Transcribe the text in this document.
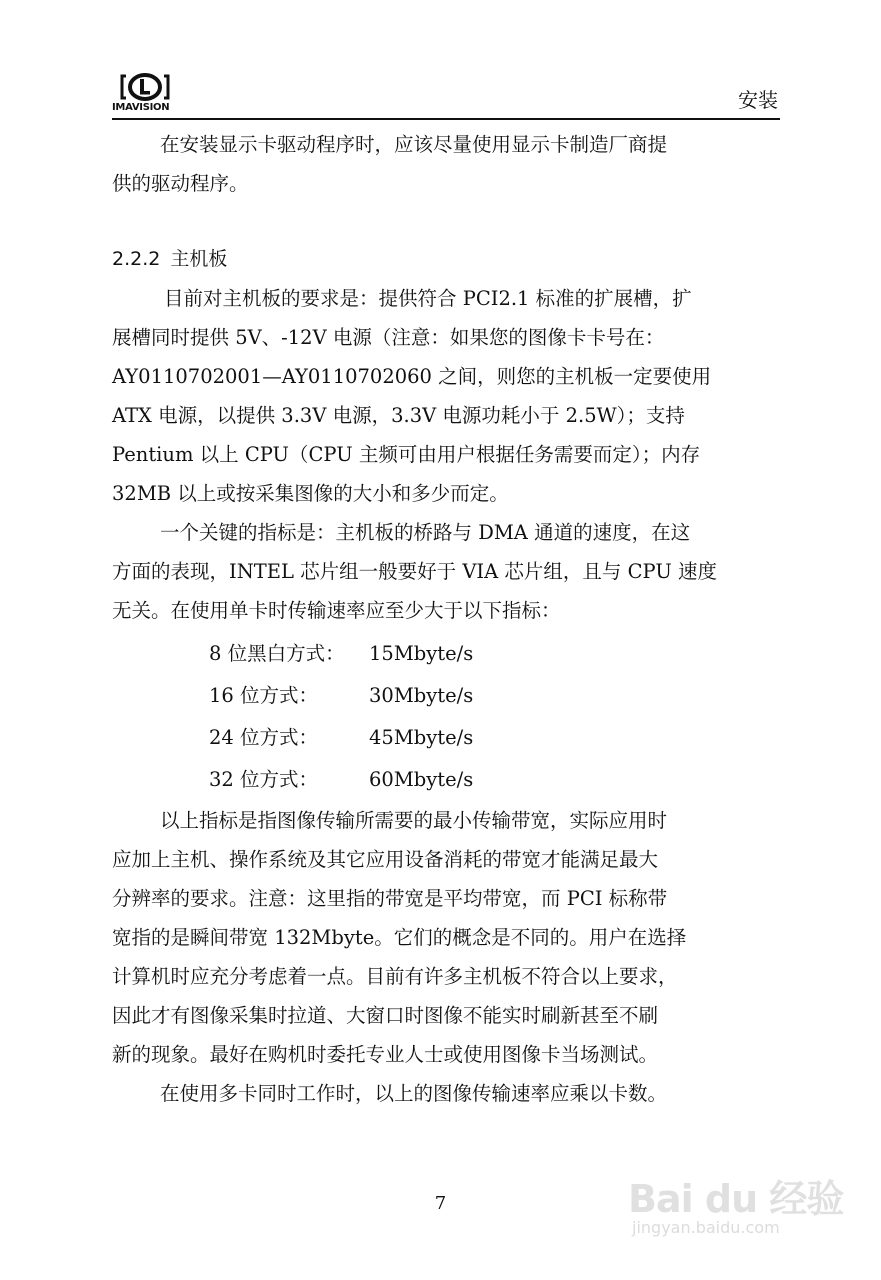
IMAVISION	安装

在安装显示卡驱动程序时，应该尽量使用显示卡制造厂商提

供的驱动程序。

2.2.2 主机板

目前对主机板的要求是：提供符合 PCI2.1 标准的扩展槽，扩

展槽同时提供 5V、-12V 电源（注意：如果您的图像卡卡号在：

AY0110702001—AY0110702060 之间，则您的主机板一定要使用

ATX 电源，以提供 3.3V 电源，3.3V 电源功耗小于 2.5W）；支持

Pentium 以上 CPU（CPU 主频可由用户根据任务需要而定）；内存

32MB 以上或按采集图像的大小和多少而定。

一个关键的指标是：主机板的桥路与 DMA 通道的速度，在这

方面的表现，INTEL 芯片组一般要好于 VIA 芯片组，且与 CPU 速度

无关。在使用单卡时传输速率应至少大于以下指标：

8 位黑白方式： 15Mbyte/s

16 位方式：	30Mbyte/s

24 位方式：	45Mbyte/s

32 位方式：	60Mbyte/s

以上指标是指图像传输所需要的最小传输带宽，实际应用时

应加上主机、操作系统及其它应用设备消耗的带宽才能满足最大

分辨率的要求。注意：这里指的带宽是平均带宽，而 PCI 标称带

宽指的是瞬间带宽 132Mbyte。它们的概念是不同的。用户在选择

计算机时应充分考虑着一点。目前有许多主机板不符合以上要求，

因此才有图像采集时拉道、大窗口时图像不能实时刷新甚至不刷

新的现象。最好在购机时委托专业人士或使用图像卡当场测试。

在使用多卡同时工作时，以上的图像传输速率应乘以卡数。

7	Bai du 经验
jingyan.baidu.com
